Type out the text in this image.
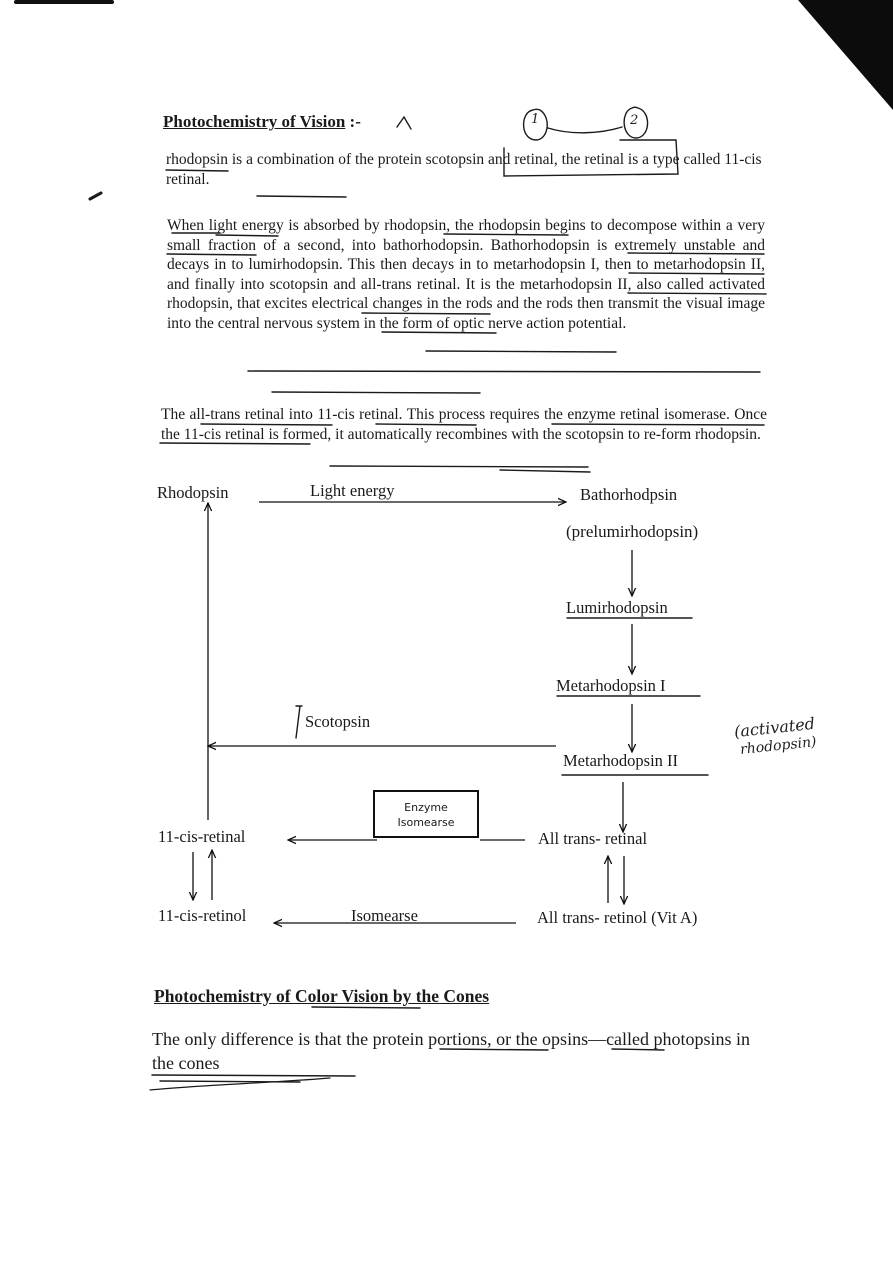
Photochemistry of Vision :-
rhodopsin is a combination of the protein scotopsin and retinal, the retinal is a type called 11-cis retinal.
When light energy is absorbed by rhodopsin, the rhodopsin begins to decompose within a very small fraction of a second, into bathorhodopsin. Bathorhodopsin is extremely unstable and decays in to lumirhodopsin. This then decays in to metarhodopsin I, then to metarhodopsin II, and finally into scotopsin and all-trans retinal. It is the metarhodopsin II, also called activated rhodopsin, that excites electrical changes in the rods and the rods then transmit the visual image into the central nervous system in the form of optic nerve action potential.
The all-trans retinal into 11-cis retinal. This process requires the enzyme retinal isomerase. Once the 11-cis retinal is formed, it automatically recombines with the scotopsin to re-form rhodopsin.
Rhodopsin	Light energy	Bathorhodpsin
(prelumirhodopsin)
Lumirhodopsin
Metarhodopsin I
Scotopsin
Metarhodopsin II
Enzyme
Isomearse
11-cis-retinal	All trans- retinal
11-cis-retinol	Isomearse	All trans- retinol (Vit A)
1	2
(activated
rhodopsin)
Photochemistry of Color Vision by the Cones
The only difference is that the protein portions, or the opsins—called photopsins in the cones
